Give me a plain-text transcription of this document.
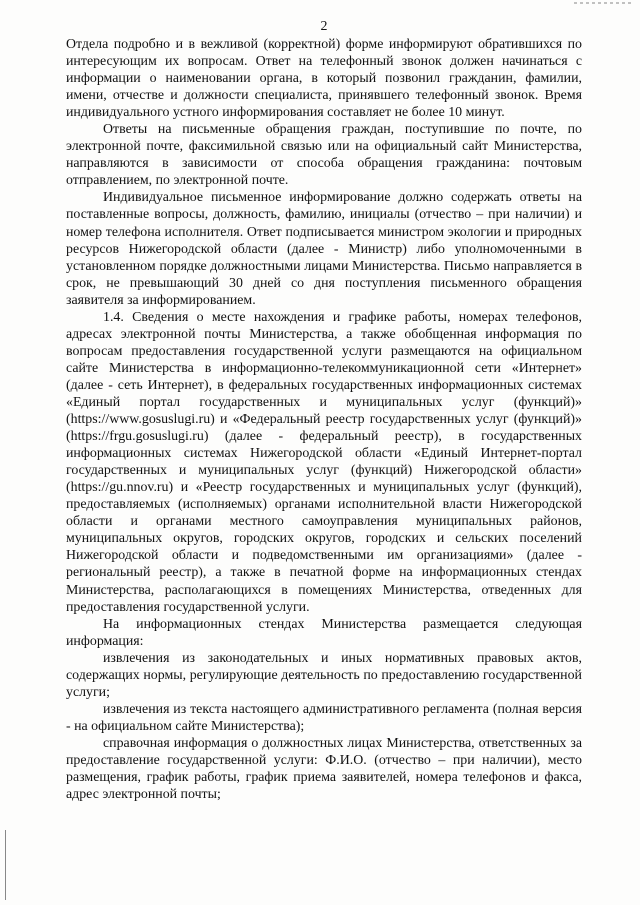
2

Отдела подробно и в вежливой (корректной) форме информируют обратившихся по интересующим их вопросам. Ответ на телефонный звонок должен начинаться с информации о наименовании органа, в который позвонил гражданин, фамилии, имени, отчестве и должности специалиста, принявшего телефонный звонок. Время индивидуального устного информирования составляет не более 10 минут.

Ответы на письменные обращения граждан, поступившие по почте, по электронной почте, факсимильной связью или на официальный сайт Министерства, направляются в зависимости от способа обращения гражданина: почтовым отправлением, по электронной почте.

Индивидуальное письменное информирование должно содержать ответы на поставленные вопросы, должность, фамилию, инициалы (отчество – при наличии) и номер телефона исполнителя. Ответ подписывается министром экологии и природных ресурсов Нижегородской области (далее - Министр) либо уполномоченными в установленном порядке должностными лицами Министерства. Письмо направляется в срок, не превышающий 30 дней со дня поступления письменного обращения заявителя за информированием.

1.4. Сведения о месте нахождения и графике работы, номерах телефонов, адресах электронной почты Министерства, а также обобщенная информация по вопросам предоставления государственной услуги размещаются на официальном сайте Министерства в информационно-телекоммуникационной сети «Интернет» (далее - сеть Интернет), в федеральных государственных информационных системах «Единый портал государственных и муниципальных услуг (функций)» (https://www.gosuslugi.ru) и «Федеральный реестр государственных услуг (функций)» (https://frgu.gosuslugi.ru) (далее - федеральный реестр), в государственных информационных системах Нижегородской области «Единый Интернет-портал государственных и муниципальных услуг (функций) Нижегородской области» (https://gu.nnov.ru) и «Реестр государственных и муниципальных услуг (функций), предоставляемых (исполняемых) органами исполнительной власти Нижегородской области и органами местного самоуправления муниципальных районов, муниципальных округов, городских округов, городских и сельских поселений Нижегородской области и подведомственными им организациями» (далее - региональный реестр), а также в печатной форме на информационных стендах Министерства, располагающихся в помещениях Министерства, отведенных для предоставления государственной услуги.

На информационных стендах Министерства размещается следующая информация:

извлечения из законодательных и иных нормативных правовых актов, содержащих нормы, регулирующие деятельность по предоставлению государственной услуги;

извлечения из текста настоящего административного регламента (полная версия - на официальном сайте Министерства);

справочная информация о должностных лицах Министерства, ответственных за предоставление государственной услуги: Ф.И.О. (отчество – при наличии), место размещения, график работы, график приема заявителей, номера телефонов и факса, адрес электронной почты;
